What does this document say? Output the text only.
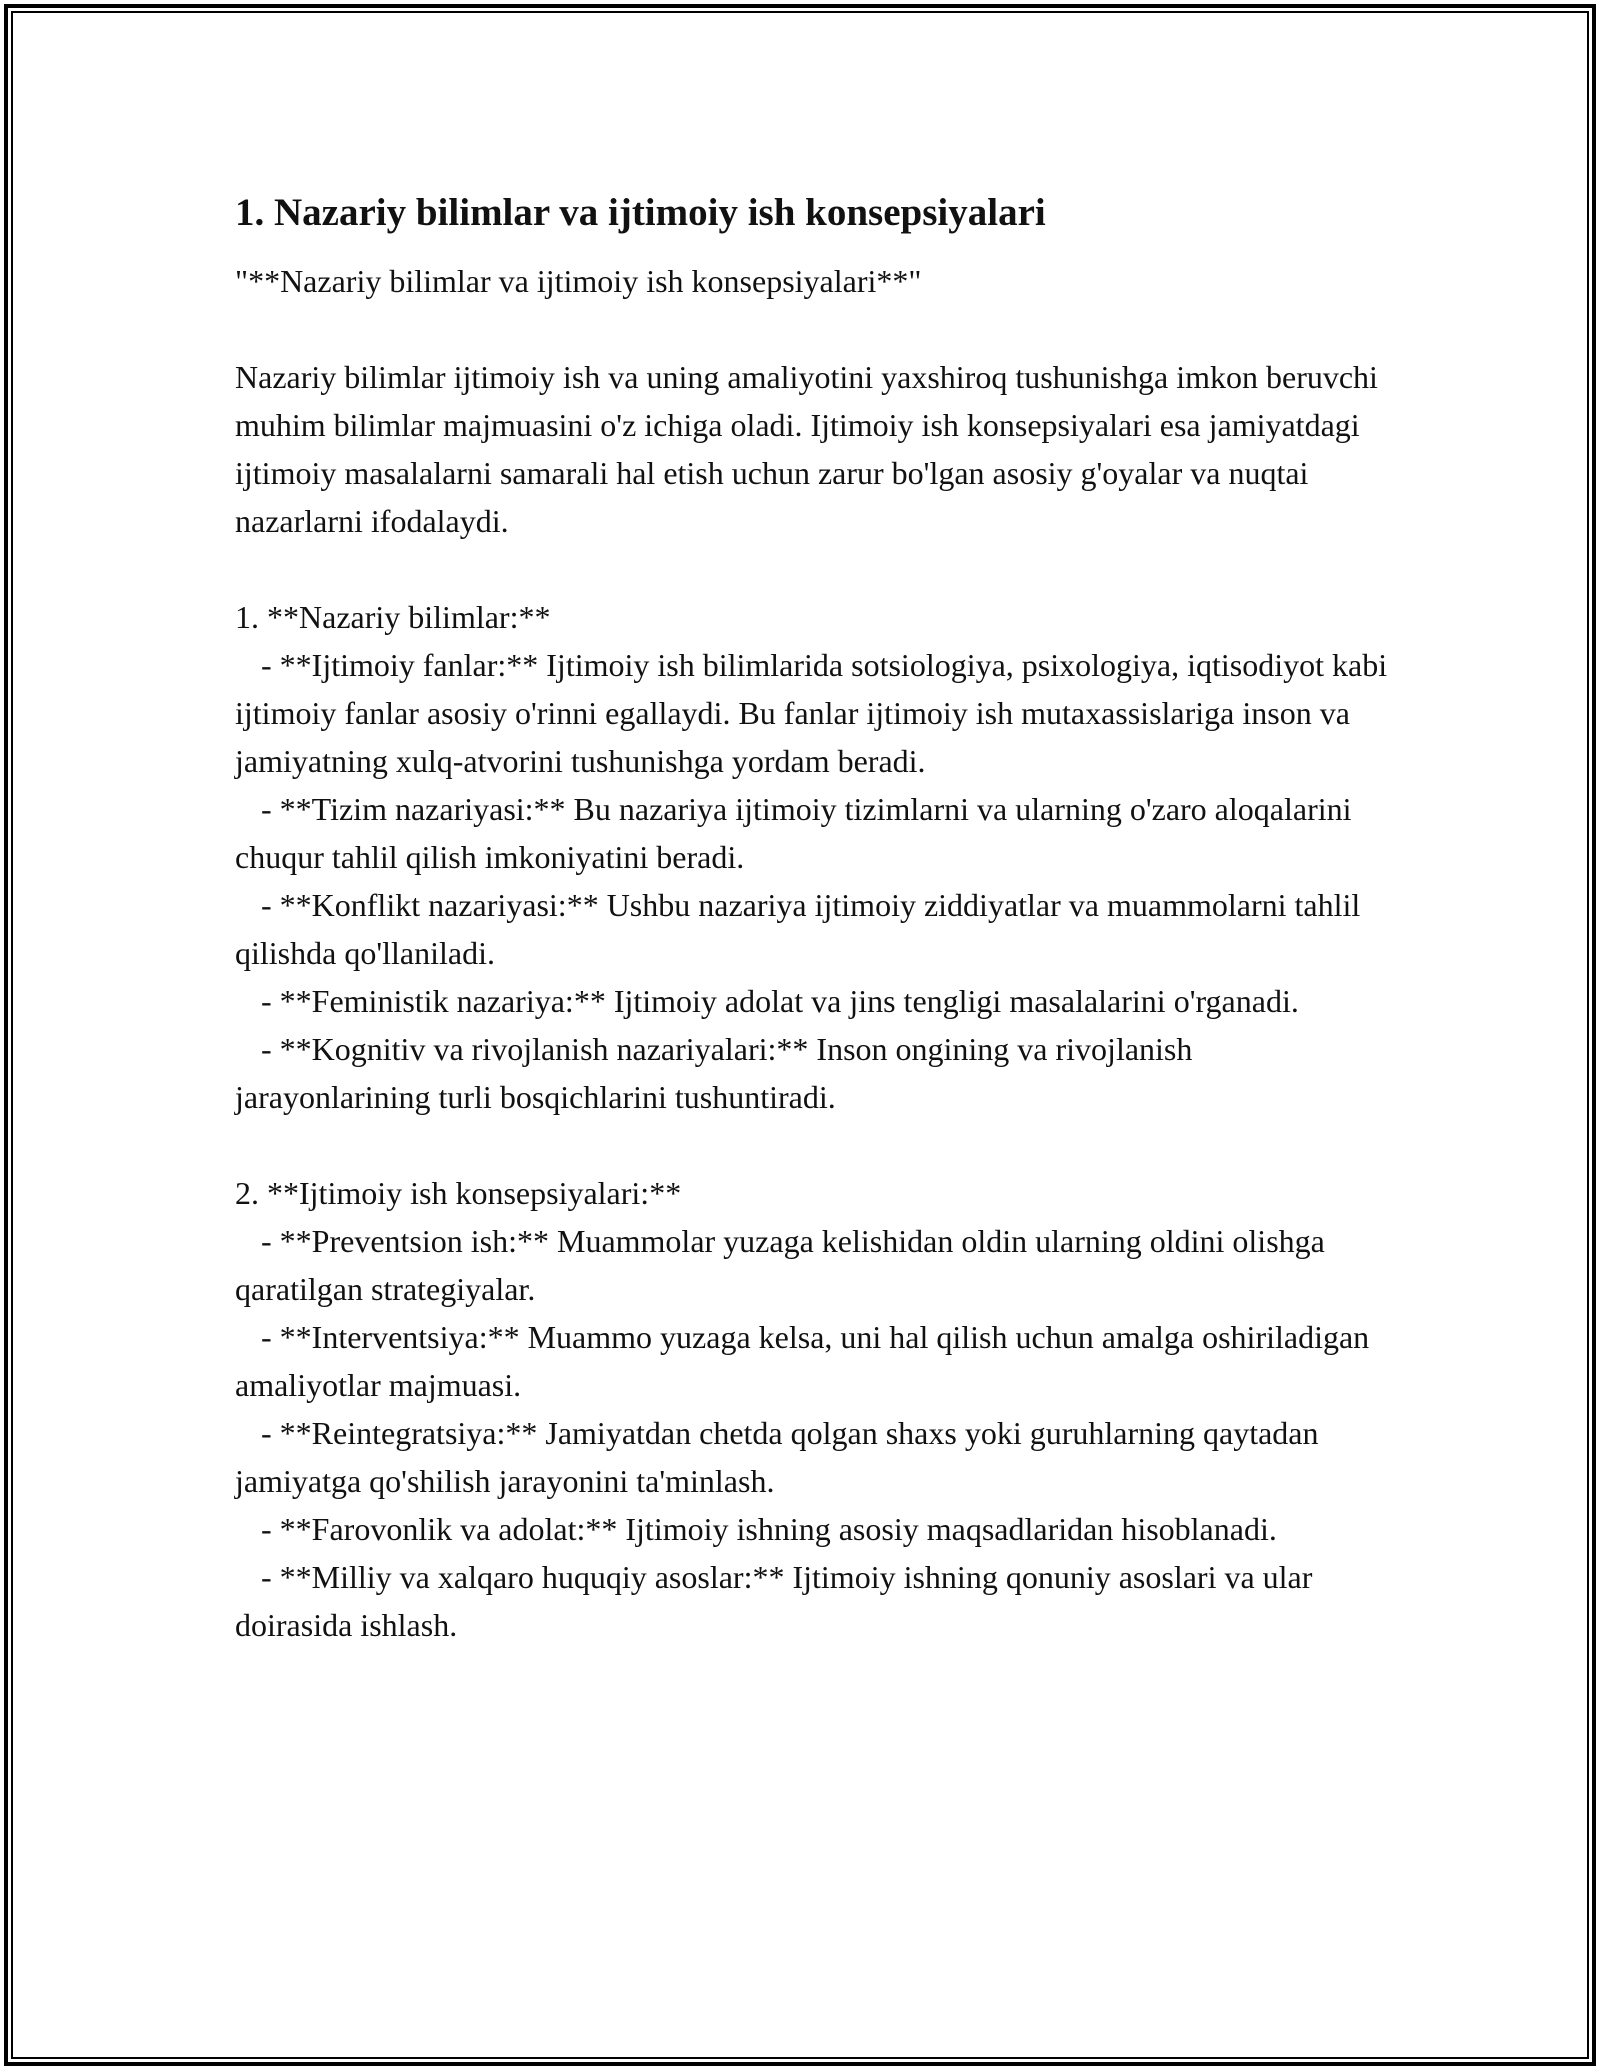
1. Nazariy bilimlar va ijtimoiy ish konsepsiyalari

"**Nazariy bilimlar va ijtimoiy ish konsepsiyalari**"

Nazariy bilimlar ijtimoiy ish va uning amaliyotini yaxshiroq tushunishga imkon beruvchi muhim bilimlar majmuasini o'z ichiga oladi. Ijtimoiy ish konsepsiyalari esa jamiyatdagi ijtimoiy masalalarni samarali hal etish uchun zarur bo'lgan asosiy g'oyalar va nuqtai nazarlarni ifodalaydi.

1. **Nazariy bilimlar:**

- **Ijtimoiy fanlar:** Ijtimoiy ish bilimlarida sotsiologiya, psixologiya, iqtisodiyot kabi ijtimoiy fanlar asosiy o'rinni egallaydi. Bu fanlar ijtimoiy ish mutaxassislariga inson va jamiyatning xulq-atvorini tushunishga yordam beradi.
- **Tizim nazariyasi:** Bu nazariya ijtimoiy tizimlarni va ularning o'zaro aloqalarini chuqur tahlil qilish imkoniyatini beradi.
- **Konflikt nazariyasi:** Ushbu nazariya ijtimoiy ziddiyatlar va muammolarni tahlil qilishda qo'llaniladi.
- **Feministik nazariya:** Ijtimoiy adolat va jins tengligi masalalarini o'rganadi.
- **Kognitiv va rivojlanish nazariyalari:** Inson ongining va rivojlanish jarayonlarining turli bosqichlarini tushuntiradi.

2. **Ijtimoiy ish konsepsiyalari:**

- **Preventsion ish:** Muammolar yuzaga kelishidan oldin ularning oldini olishga qaratilgan strategiyalar.
- **Interventsiya:** Muammo yuzaga kelsa, uni hal qilish uchun amalga oshiriladigan amaliyotlar majmuasi.
- **Reintegratsiya:** Jamiyatdan chetda qolgan shaxs yoki guruhlarning qaytadan jamiyatga qo'shilish jarayonini ta'minlash.
- **Farovonlik va adolat:** Ijtimoiy ishning asosiy maqsadlaridan hisoblanadi.
- **Milliy va xalqaro huquqiy asoslar:** Ijtimoiy ishning qonuniy asoslari va ular doirasida ishlash.
